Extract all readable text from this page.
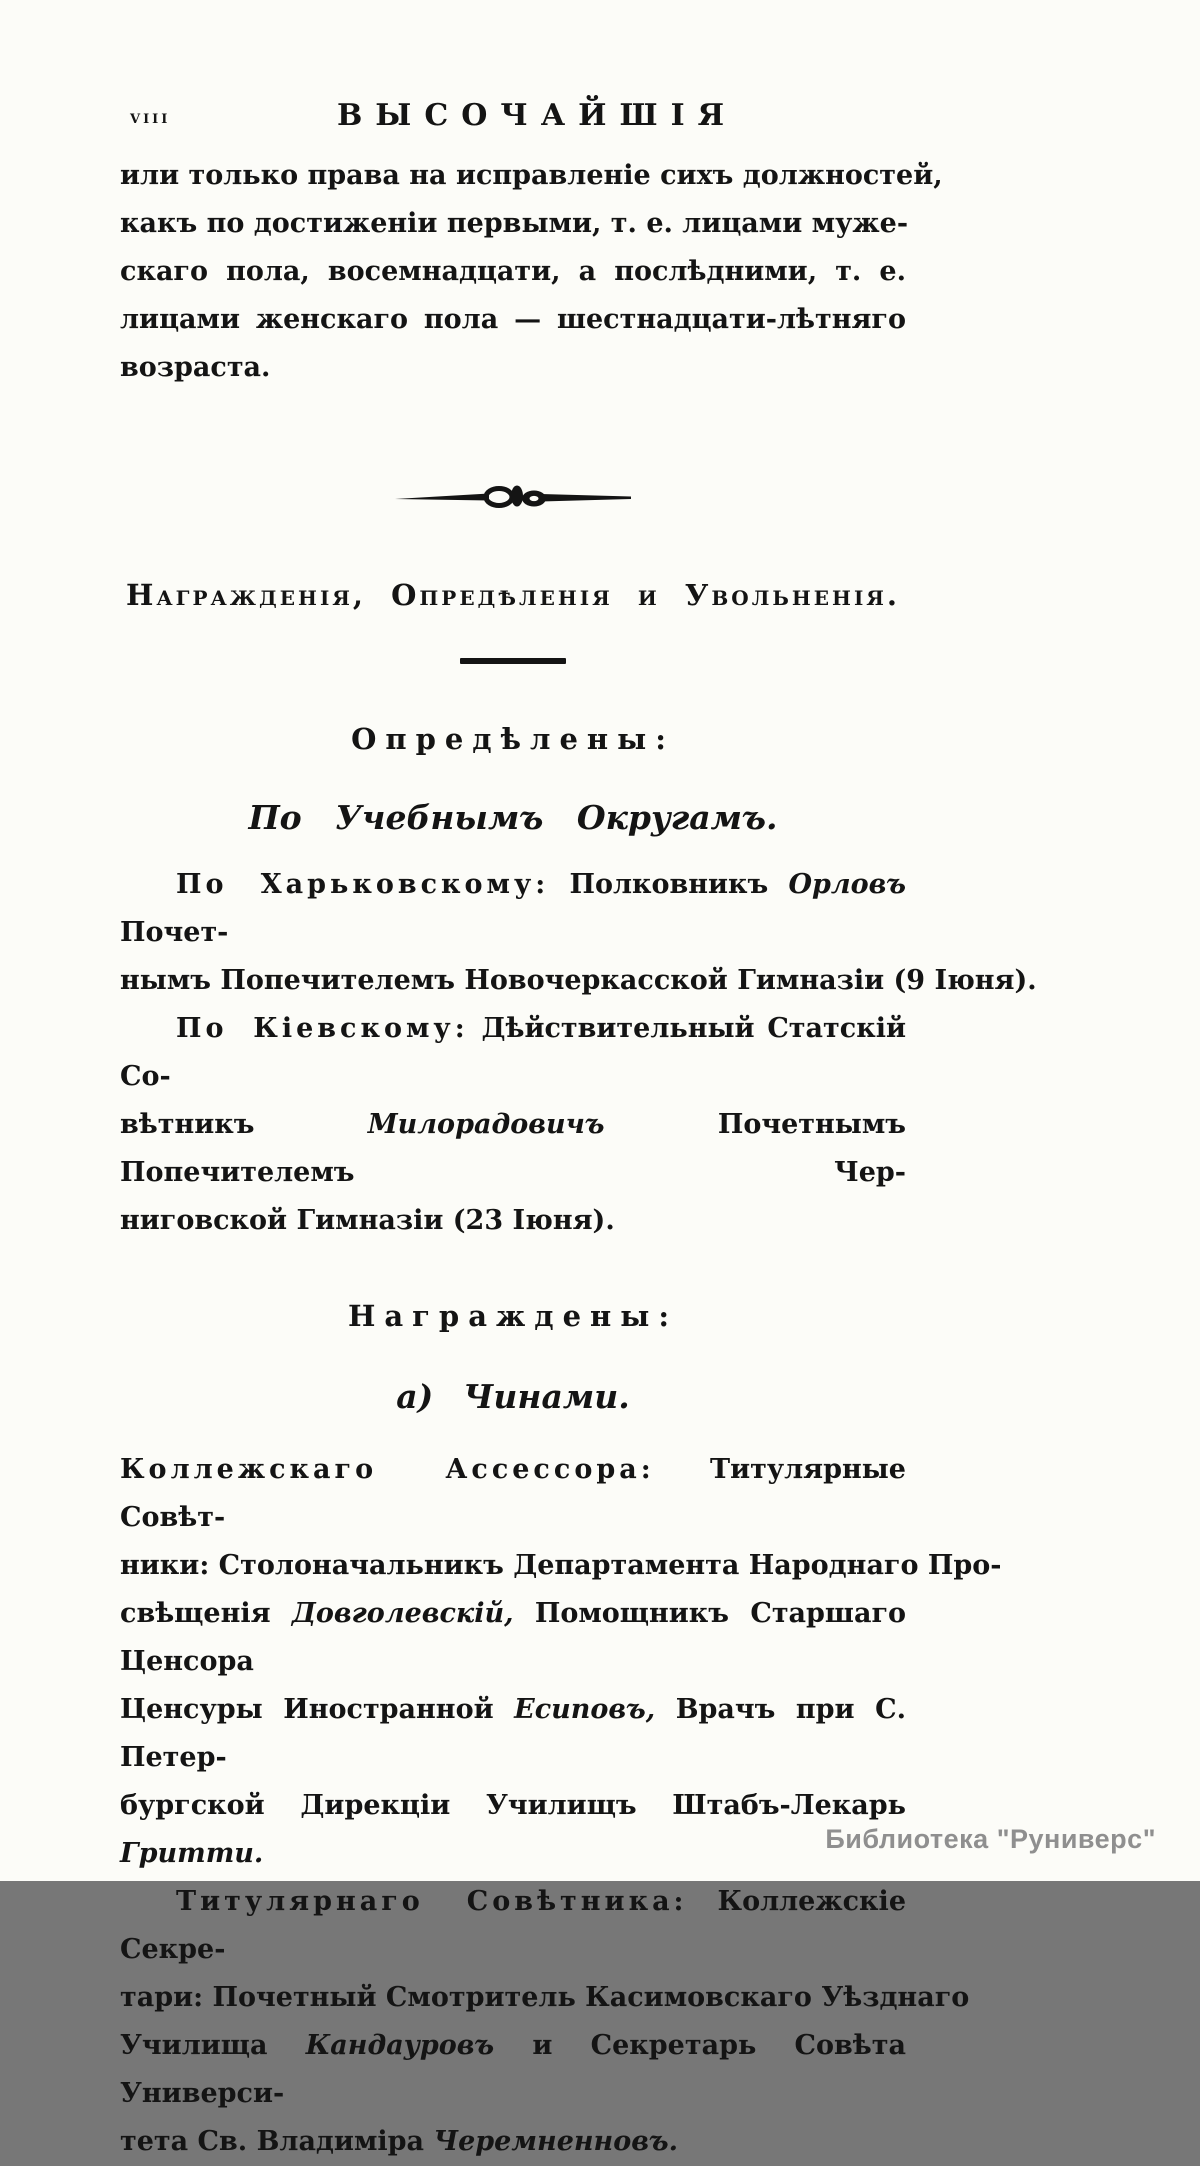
viii	ВЫСОЧАЙШІЯ
или только права на исправленіе сихъ должностей,
какъ по достиженіи первыми, т. е. лицами муже-
скаго пола, восемнадцати, а послѣдними, т. е.
лицами женскаго пола — шестнадцати-лѣтняго
возраста.
Награжденія, Опредѣленія и Увольненія.
Опредѣлены:
По Учебнымъ Округамъ.
По Харьковскому: Полковникъ Орловъ Почет-
нымъ Попечителемъ Новочеркасской Гимназіи (9 Іюня).
По Кіевскому: Дѣйствительный Статскій Со-
вѣтникъ Милорадовичъ Почетнымъ Попечителемъ Чер-
ниговской Гимназіи (23 Іюня).
Награждены:
а) Чинами.
Коллежскаго Ассессора: Титулярные Совѣт-
ники: Столоначальникъ Департамента Народнаго Про-
свѣщенія Довголевскій, Помощникъ Старшаго Ценсора
Ценсуры Иностранной Есиповъ, Врачъ при С. Петер-
бургской Дирекціи Училищъ Штабъ-Лекарь Гритти.
Титулярнаго Совѣтника: Коллежскіе Секре-
тари: Почетный Смотритель Касимовскаго Уѣзднаго
Училища Кандауровъ и Секретарь Совѣта Универси-
тета Св. Владиміра Черемненновъ.
Библиотека "Руниверс"
